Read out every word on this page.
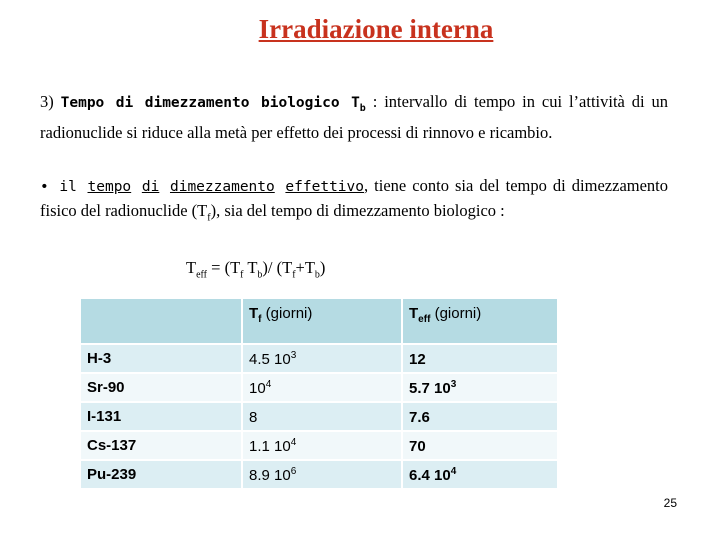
Irradiazione interna
3) Tempo di dimezzamento biologico $T_b$ : intervallo di tempo in cui l’attività di un radionuclide si riduce alla metà per effetto dei processi di rinnovo e ricambio.
• il tempo di dimezzamento effettivo, tiene conto sia del tempo di dimezzamento fisico del radionuclide $(T_f)$, sia del tempo di dimezzamento biologico :
$T_{eff} = (T_f$ $T_b)/$ $(T_f+T_b)$
	$T_f$ (giorni)	$T_{eff}$ (giorni)
H-3	4.5 $10^3$	12
Sr-90	$10^4$	5.7 $10^3$
I-131	8	7.6
Cs-137	1.1 $10^4$	70
Pu-239	8.9 $10^6$	6.4 $10^4$
25
